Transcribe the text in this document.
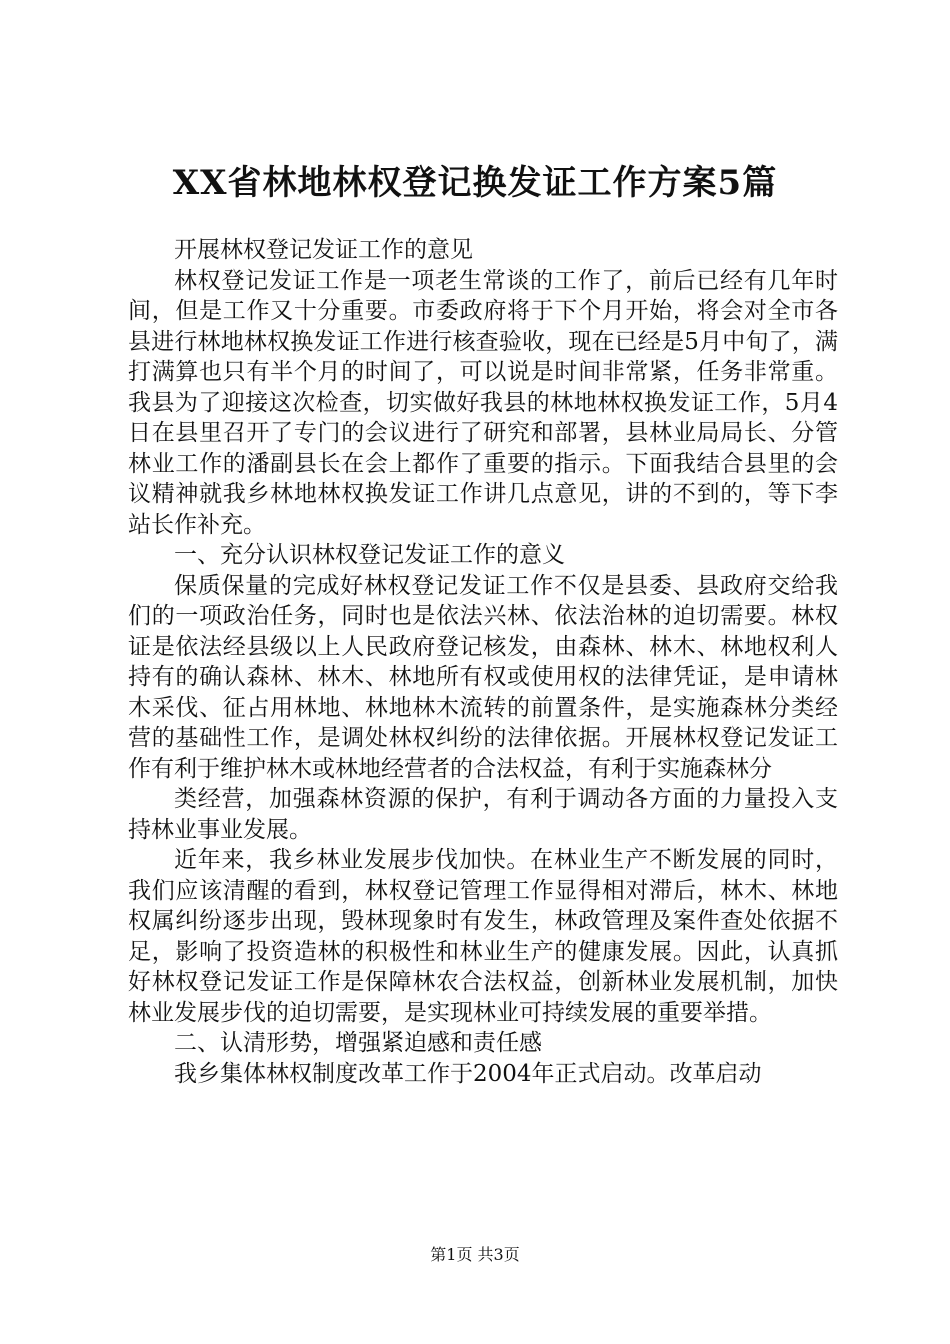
XX省林地林权登记换发证工作方案5篇

开展林权登记发证工作的意见

林权登记发证工作是一项老生常谈的工作了，前后已经有几年时间，但是工作又十分重要。市委政府将于下个月开始，将会对全市各县进行林地林权换发证工作进行核查验收，现在已经是5月中旬了，满打满算也只有半个月的时间了，可以说是时间非常紧，任务非常重。我县为了迎接这次检查，切实做好我县的林地林权换发证工作，5月4日在县里召开了专门的会议进行了研究和部署，县林业局局长、分管林业工作的潘副县长在会上都作了重要的指示。下面我结合县里的会议精神就我乡林地林权换发证工作讲几点意见，讲的不到的，等下李站长作补充。

一、充分认识林权登记发证工作的意义

保质保量的完成好林权登记发证工作不仅是县委、县政府交给我们的一项政治任务，同时也是依法兴林、依法治林的迫切需要。林权证是依法经县级以上人民政府登记核发，由森林、林木、林地权利人持有的确认森林、林木、林地所有权或使用权的法律凭证，是申请林木采伐、征占用林地、林地林木流转的前置条件，是实施森林分类经营的基础性工作，是调处林权纠纷的法律依据。开展林权登记发证工作有利于维护林木或林地经营者的合法权益，有利于实施森林分

类经营，加强森林资源的保护，有利于调动各方面的力量投入支持林业事业发展。

近年来，我乡林业发展步伐加快。在林业生产不断发展的同时，我们应该清醒的看到，林权登记管理工作显得相对滞后，林木、林地权属纠纷逐步出现，毁林现象时有发生，林政管理及案件查处依据不足，影响了投资造林的积极性和林业生产的健康发展。因此，认真抓好林权登记发证工作是保障林农合法权益，创新林业发展机制，加快林业发展步伐的迫切需要，是实现林业可持续发展的重要举措。

二、认清形势，增强紧迫感和责任感

我乡集体林权制度改革工作于2004年正式启动。改革启动

第1页 共3页
